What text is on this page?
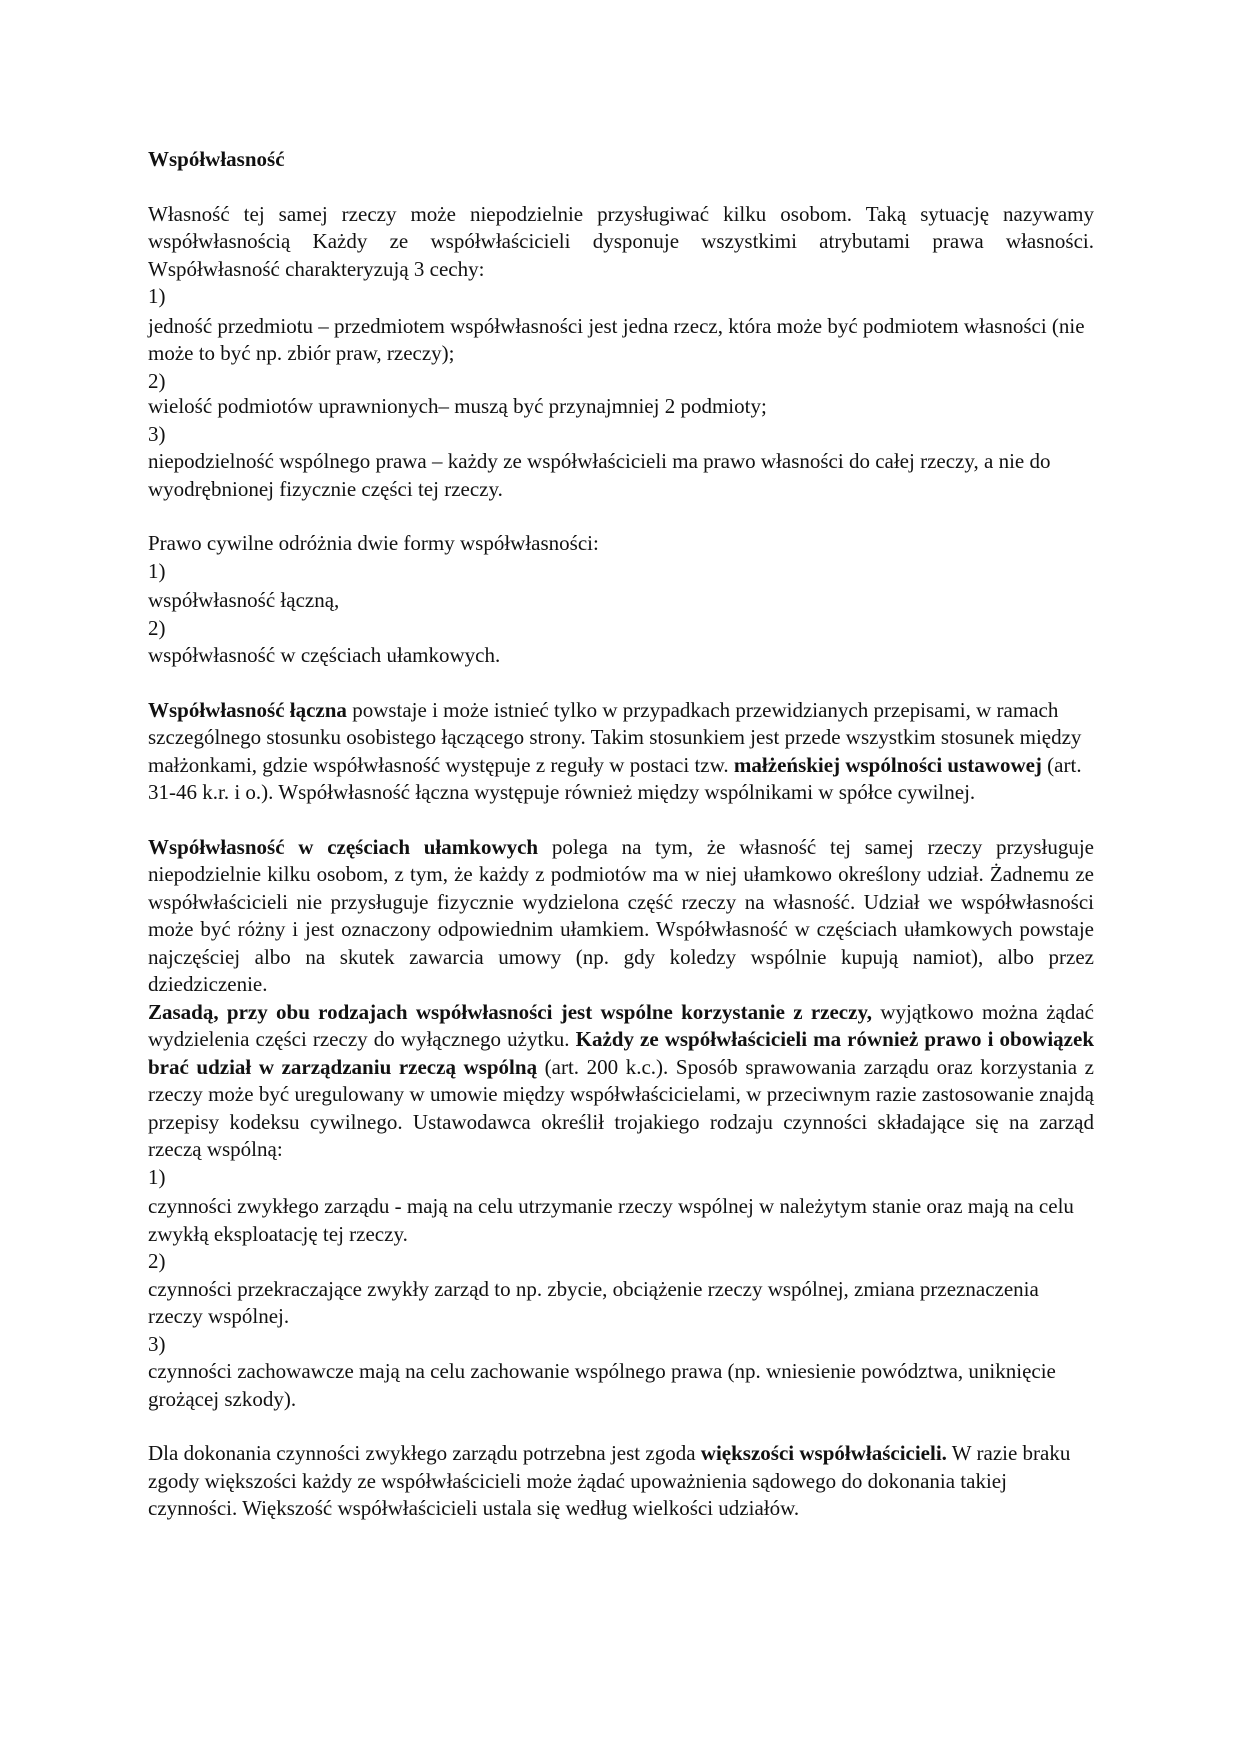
Współwłasność

Własność tej samej rzeczy może niepodzielnie przysługiwać kilku osobom. Taką sytuację nazywamy współwłasnością Każdy ze współwłaścicieli dysponuje wszystkimi atrybutami prawa własności. Współwłasność charakteryzują 3 cechy:

1)

jedność przedmiotu – przedmiotem współwłasności jest jedna rzecz, która może być podmiotem własności (nie może to być np. zbiór praw, rzeczy);

2)

wielość podmiotów uprawnionych– muszą być przynajmniej 2 podmioty;

3)

niepodzielność wspólnego prawa – każdy ze współwłaścicieli ma prawo własności do całej rzeczy, a nie do wyodrębnionej fizycznie części tej rzeczy.

Prawo cywilne odróżnia dwie formy współwłasności:

1)

współwłasność łączną,

2)

współwłasność w częściach ułamkowych.

Współwłasność łączna powstaje i może istnieć tylko w przypadkach przewidzianych przepisami, w ramach szczególnego stosunku osobistego łączącego strony. Takim stosunkiem jest przede wszystkim stosunek między małżonkami, gdzie współwłasność występuje z reguły w postaci tzw. małżeńskiej wspólności ustawowej (art. 31-46 k.r. i o.). Współwłasność łączna występuje również między wspólnikami w spółce cywilnej.

Współwłasność w częściach ułamkowych polega na tym, że własność tej samej rzeczy przysługuje niepodzielnie kilku osobom, z tym, że każdy z podmiotów ma w niej ułamkowo określony udział. Żadnemu ze współwłaścicieli nie przysługuje fizycznie wydzielona część rzeczy na własność. Udział we współwłasności może być różny i jest oznaczony odpowiednim ułamkiem. Współwłasność w częściach ułamkowych powstaje najczęściej albo na skutek zawarcia umowy (np. gdy koledzy wspólnie kupują namiot), albo przez dziedziczenie.

Zasadą, przy obu rodzajach współwłasności jest wspólne korzystanie z rzeczy, wyjątkowo można żądać wydzielenia części rzeczy do wyłącznego użytku. Każdy ze współwłaścicieli ma również prawo i obowiązek brać udział w zarządzaniu rzeczą wspólną (art. 200 k.c.). Sposób sprawowania zarządu oraz korzystania z rzeczy może być uregulowany w umowie między współwłaścicielami, w przeciwnym razie zastosowanie znajdą przepisy kodeksu cywilnego. Ustawodawca określił trojakiego rodzaju czynności składające się na zarząd rzeczą wspólną:

1)

czynności zwykłego zarządu - mają na celu utrzymanie rzeczy wspólnej w należytym stanie oraz mają na celu zwykłą eksploatację tej rzeczy.

2)

czynności przekraczające zwykły zarząd to np. zbycie, obciążenie rzeczy wspólnej, zmiana przeznaczenia rzeczy wspólnej.

3)

czynności zachowawcze mają na celu zachowanie wspólnego prawa (np. wniesienie powództwa, uniknięcie grożącej szkody).

Dla dokonania czynności zwykłego zarządu potrzebna jest zgoda większości współwłaścicieli. W razie braku zgody większości każdy ze współwłaścicieli może żądać upoważnienia sądowego do dokonania takiej czynności. Większość współwłaścicieli ustala się według wielkości udziałów.
